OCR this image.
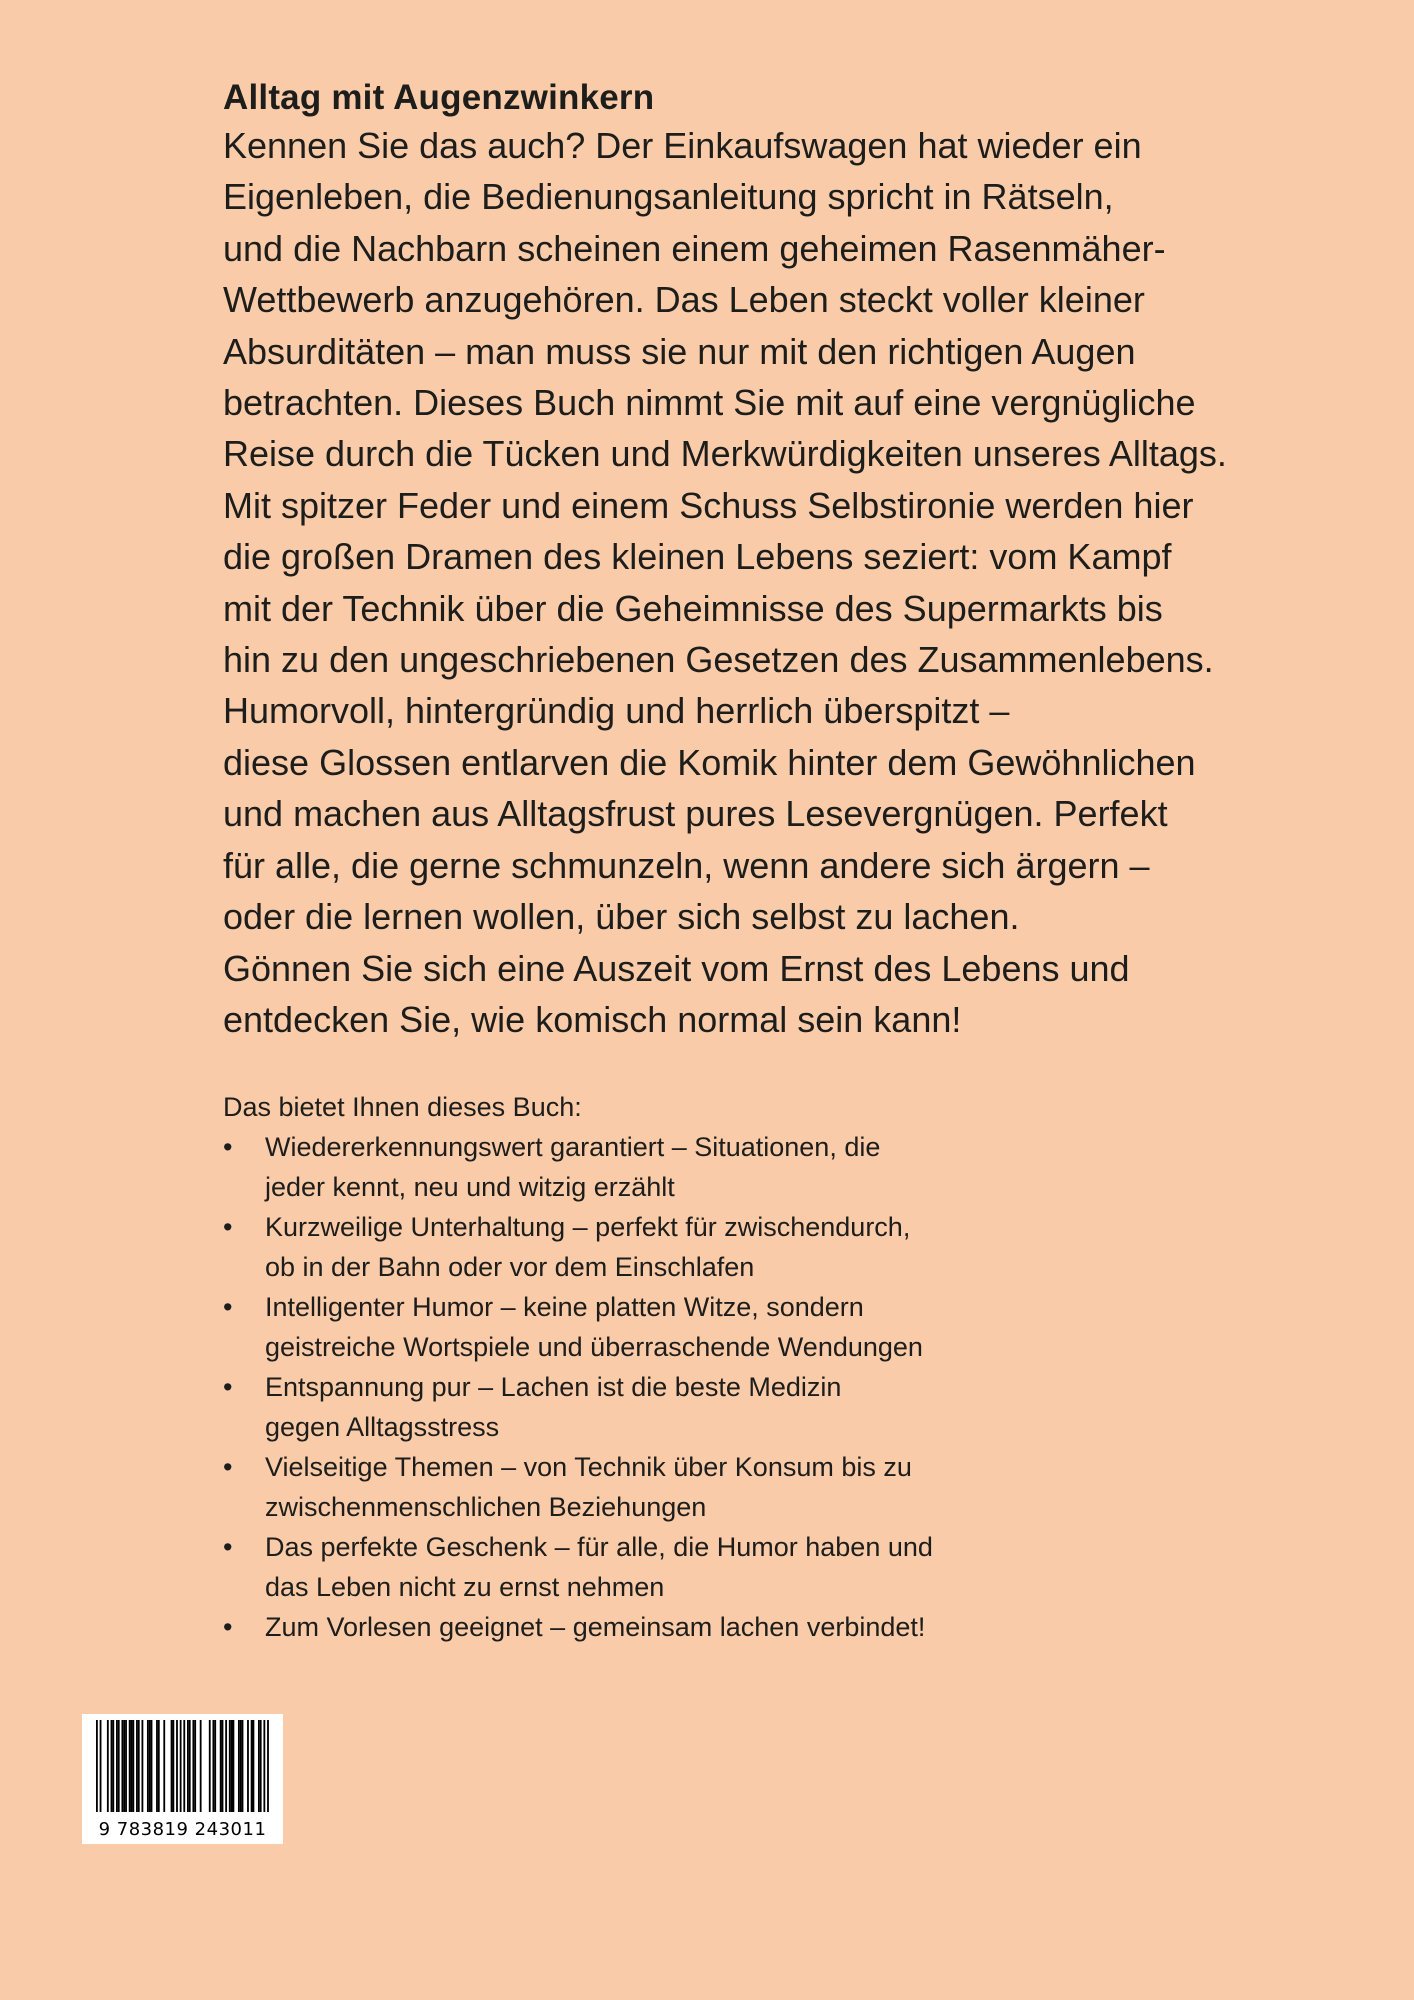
Alltag mit Augenzwinkern

Kennen Sie das auch? Der Einkaufswagen hat wieder ein
Eigenleben, die Bedienungsanleitung spricht in Rätseln,
und die Nachbarn scheinen einem geheimen Rasenmäher-
Wettbewerb anzugehören. Das Leben steckt voller kleiner
Absurditäten – man muss sie nur mit den richtigen Augen
betrachten. Dieses Buch nimmt Sie mit auf eine vergnügliche
Reise durch die Tücken und Merkwürdigkeiten unseres Alltags.
Mit spitzer Feder und einem Schuss Selbstironie werden hier
die großen Dramen des kleinen Lebens seziert: vom Kampf
mit der Technik über die Geheimnisse des Supermarkts bis
hin zu den ungeschriebenen Gesetzen des Zusammenlebens.
Humorvoll, hintergründig und herrlich überspitzt –
diese Glossen entlarven die Komik hinter dem Gewöhnlichen
und machen aus Alltagsfrust pures Lesevergnügen. Perfekt
für alle, die gerne schmunzeln, wenn andere sich ärgern –
oder die lernen wollen, über sich selbst zu lachen.
Gönnen Sie sich eine Auszeit vom Ernst des Lebens und
entdecken Sie, wie komisch normal sein kann!

Das bietet Ihnen dieses Buch:

• Wiedererkennungswert garantiert – Situationen, die
jeder kennt, neu und witzig erzählt
• Kurzweilige Unterhaltung – perfekt für zwischendurch,
ob in der Bahn oder vor dem Einschlafen
• Intelligenter Humor – keine platten Witze, sondern
geistreiche Wortspiele und überraschende Wendungen
• Entspannung pur – Lachen ist die beste Medizin
gegen Alltagsstress
• Vielseitige Themen – von Technik über Konsum bis zu
zwischenmenschlichen Beziehungen
• Das perfekte Geschenk – für alle, die Humor haben und
das Leben nicht zu ernst nehmen
• Zum Vorlesen geeignet – gemeinsam lachen verbindet!
9 783819 243011
